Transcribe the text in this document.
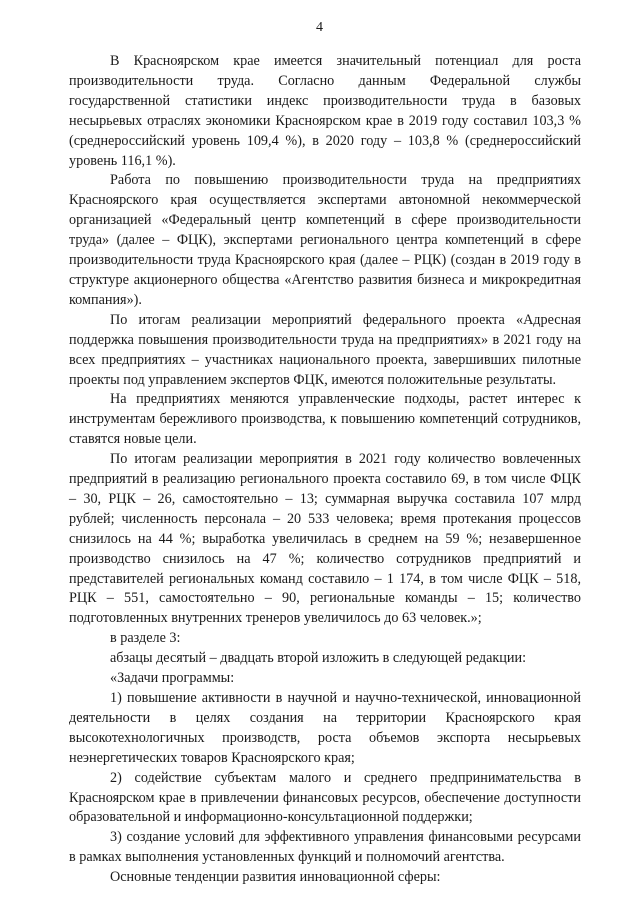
4

В Красноярском крае имеется значительный потенциал для роста производительности труда. Согласно данным Федеральной службы государственной статистики индекс производительности труда в базовых несырьевых отраслях экономики Красноярском крае в 2019 году составил 103,3 % (среднероссийский уровень 109,4 %), в 2020 году – 103,8 % (среднероссийский уровень 116,1 %).

Работа по повышению производительности труда на предприятиях Красноярского края осуществляется экспертами автономной некоммерческой организацией «Федеральный центр компетенций в сфере производительности труда» (далее – ФЦК), экспертами регионального центра компетенций в сфере производительности труда Красноярского края (далее – РЦК) (создан в 2019 году в структуре акционерного общества «Агентство развития бизнеса и микрокредитная компания»).

По итогам реализации мероприятий федерального проекта «Адресная поддержка повышения производительности труда на предприятиях» в 2021 году на всех предприятиях – участниках национального проекта, завершивших пилотные проекты под управлением экспертов ФЦК, имеются положительные результаты.

На предприятиях меняются управленческие подходы, растет интерес к инструментам бережливого производства, к повышению компетенций сотрудников, ставятся новые цели.

По итогам реализации мероприятия в 2021 году количество вовлеченных предприятий в реализацию регионального проекта составило 69, в том числе ФЦК – 30, РЦК – 26, самостоятельно – 13; суммарная выручка составила 107 млрд рублей; численность персонала – 20 533 человека; время протекания процессов снизилось на 44 %; выработка увеличилась в среднем на 59 %; незавершенное производство снизилось на 47 %; количество сотрудников предприятий и представителей региональных команд составило – 1 174, в том числе ФЦК – 518, РЦК – 551, самостоятельно – 90, региональные команды – 15; количество подготовленных внутренних тренеров увеличилось до 63 человек.»;

в разделе 3:

абзацы десятый – двадцать второй изложить в следующей редакции:

«Задачи программы:

1) повышение активности в научной и научно-технической, инновационной деятельности в целях создания на территории Красноярского края высокотехнологичных производств, роста объемов экспорта несырьевых неэнергетических товаров Красноярского края;

2) содействие субъектам малого и среднего предпринимательства в Красноярском крае в привлечении финансовых ресурсов, обеспечение доступности образовательной и информационно-консультационной поддержки;

3) создание условий для эффективного управления финансовыми ресурсами в рамках выполнения установленных функций и полномочий агентства.

Основные тенденции развития инновационной сферы:
